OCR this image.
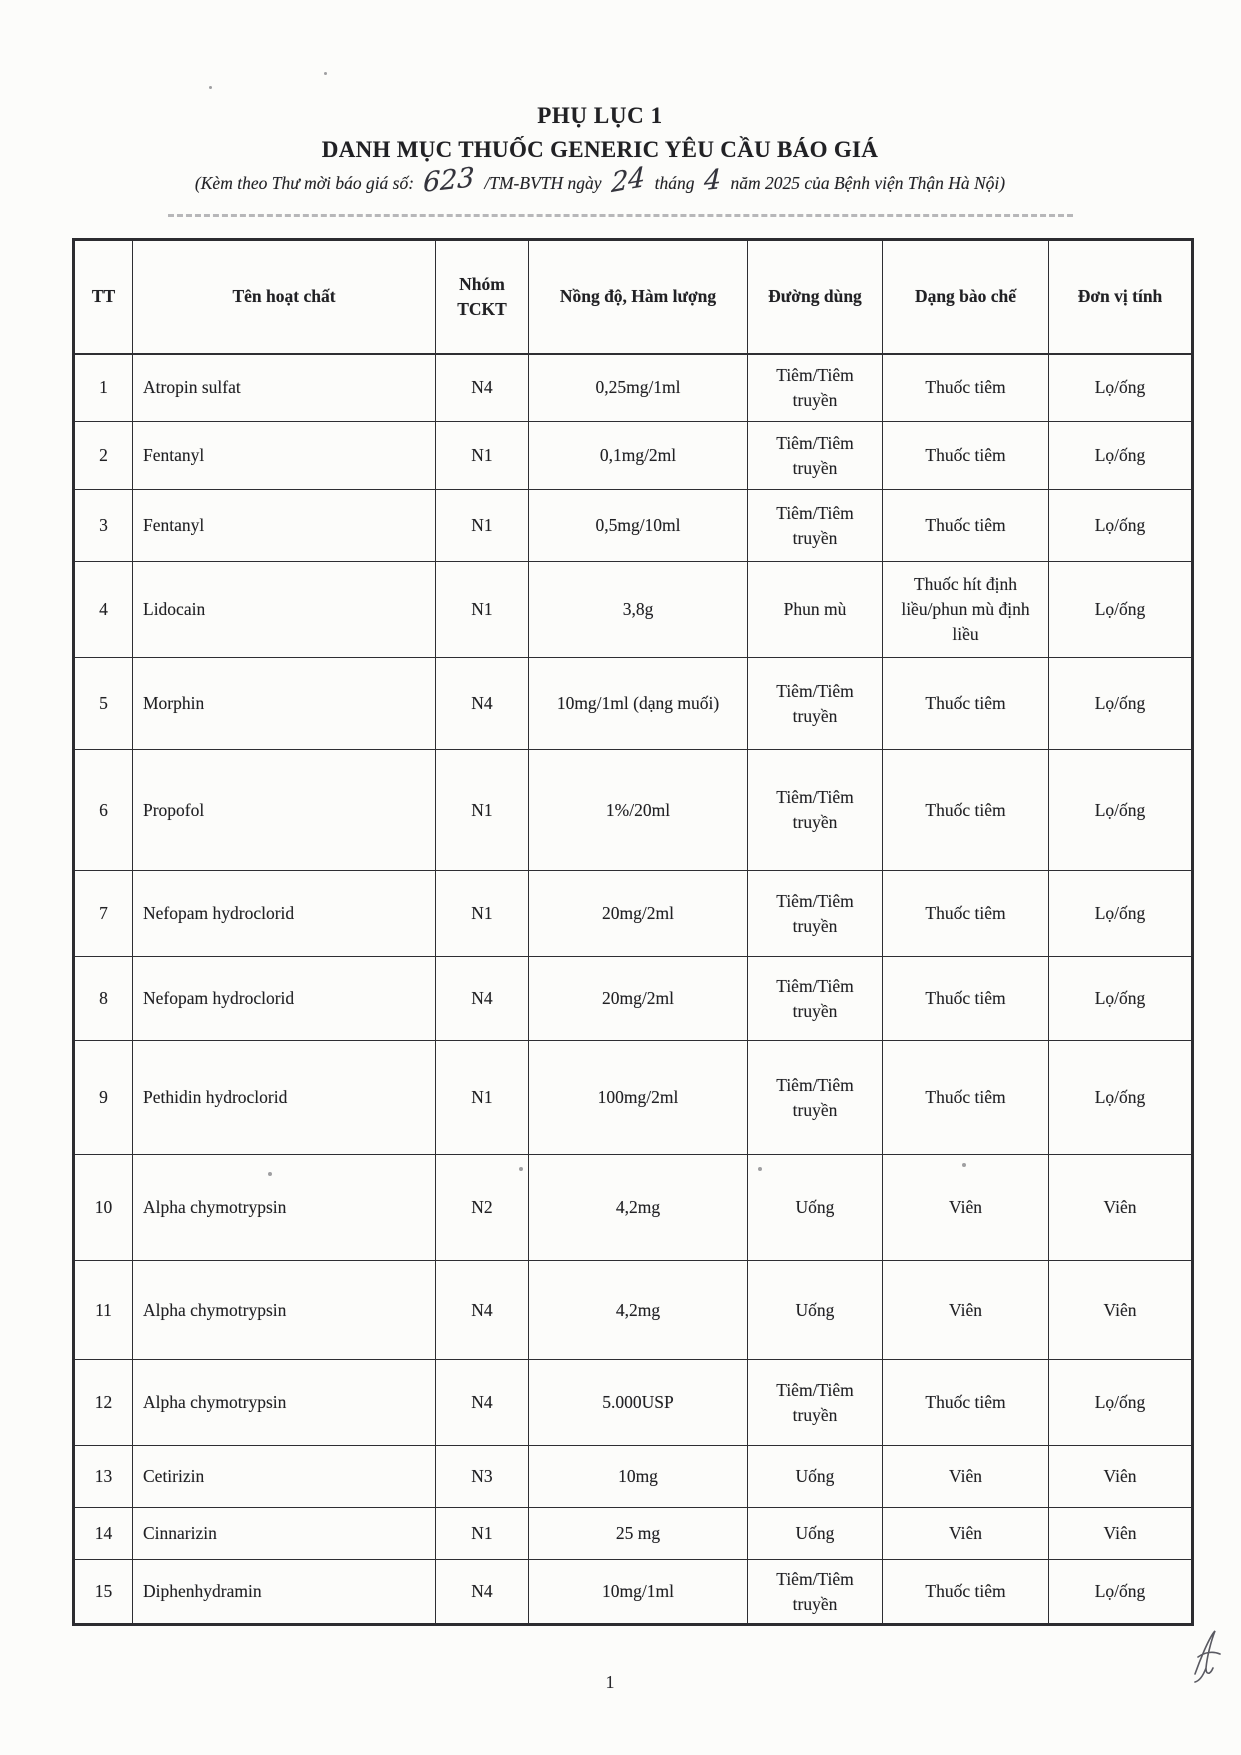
PHỤ LỤC 1
DANH MỤC THUỐC GENERIC YÊU CẦU BÁO GIÁ
(Kèm theo Thư mời báo giá số: 623 /TM-BVTH ngày 24 tháng 4 năm 2025 của Bệnh viện Thận Hà Nội)
TT	Tên hoạt chất	Nhóm TCKT	Nồng độ, Hàm lượng	Đường dùng	Dạng bào chế	Đơn vị tính
1	Atropin sulfat	N4	0,25mg/1ml	Tiêm/Tiêm truyền	Thuốc tiêm	Lọ/ống
2	Fentanyl	N1	0,1mg/2ml	Tiêm/Tiêm truyền	Thuốc tiêm	Lọ/ống
3	Fentanyl	N1	0,5mg/10ml	Tiêm/Tiêm truyền	Thuốc tiêm	Lọ/ống
4	Lidocain	N1	3,8g	Phun mù	Thuốc hít định liều/phun mù định liều	Lọ/ống
5	Morphin	N4	10mg/1ml (dạng muối)	Tiêm/Tiêm truyền	Thuốc tiêm	Lọ/ống
6	Propofol	N1	1%/20ml	Tiêm/Tiêm truyền	Thuốc tiêm	Lọ/ống
7	Nefopam hydroclorid	N1	20mg/2ml	Tiêm/Tiêm truyền	Thuốc tiêm	Lọ/ống
8	Nefopam hydroclorid	N4	20mg/2ml	Tiêm/Tiêm truyền	Thuốc tiêm	Lọ/ống
9	Pethidin hydroclorid	N1	100mg/2ml	Tiêm/Tiêm truyền	Thuốc tiêm	Lọ/ống
10	Alpha chymotrypsin	N2	4,2mg	Uống	Viên	Viên
11	Alpha chymotrypsin	N4	4,2mg	Uống	Viên	Viên
12	Alpha chymotrypsin	N4	5.000USP	Tiêm/Tiêm truyền	Thuốc tiêm	Lọ/ống
13	Cetirizin	N3	10mg	Uống	Viên	Viên
14	Cinnarizin	N1	25 mg	Uống	Viên	Viên
15	Diphenhydramin	N4	10mg/1ml	Tiêm/Tiêm truyền	Thuốc tiêm	Lọ/ống
1
